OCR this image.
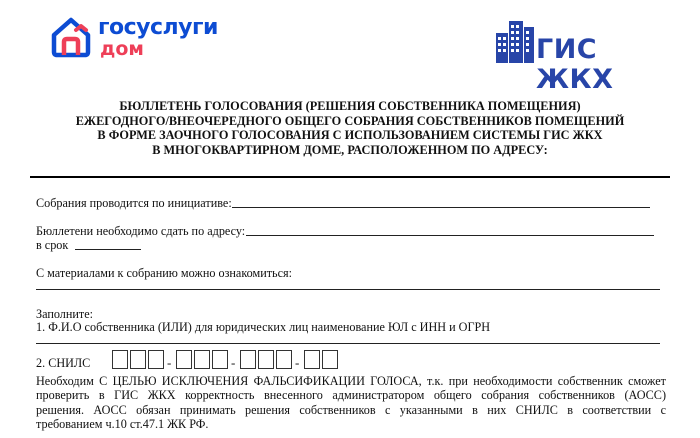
госуслуги
дом	ГИС ЖКХ
БЮЛЛЕТЕНЬ ГОЛОСОВАНИЯ (РЕШЕНИЯ СОБСТВЕННИКА ПОМЕЩЕНИЯ)
ЕЖЕГОДНОГО/ВНЕОЧЕРЕДНОГО ОБЩЕГО СОБРАНИЯ СОБСТВЕННИКОВ ПОМЕЩЕНИЙ
В ФОРМЕ ЗАОЧНОГО ГОЛОСОВАНИЯ С ИСПОЛЬЗОВАНИЕМ СИСТЕМЫ ГИС ЖКХ
В МНОГОКВАРТИРНОМ ДОМЕ, РАСПОЛОЖЕННОМ ПО АДРЕСУ:
Собрания проводится по инициативе:
Бюллетени необходимо сдать по адресу:
в срок
С материалами к собранию можно ознакомиться:
Заполните:
1. Ф.И.О собственника (ИЛИ) для юридических лиц наименование ЮЛ с ИНН и ОГРН
2. СНИЛС	-	-	-
Необходим С ЦЕЛЬЮ ИСКЛЮЧЕНИЯ ФАЛЬСИФИКАЦИИ ГОЛОСА, т.к. при необходимости собственник сможет
проверить в ГИС ЖКХ корректность внесенного администратором общего собрания собственников (АОСС)
решения. АОСС обязан принимать решения собственников с указанными в них СНИЛС в соответствии с
требованием ч.10 ст.47.1 ЖК РФ.
